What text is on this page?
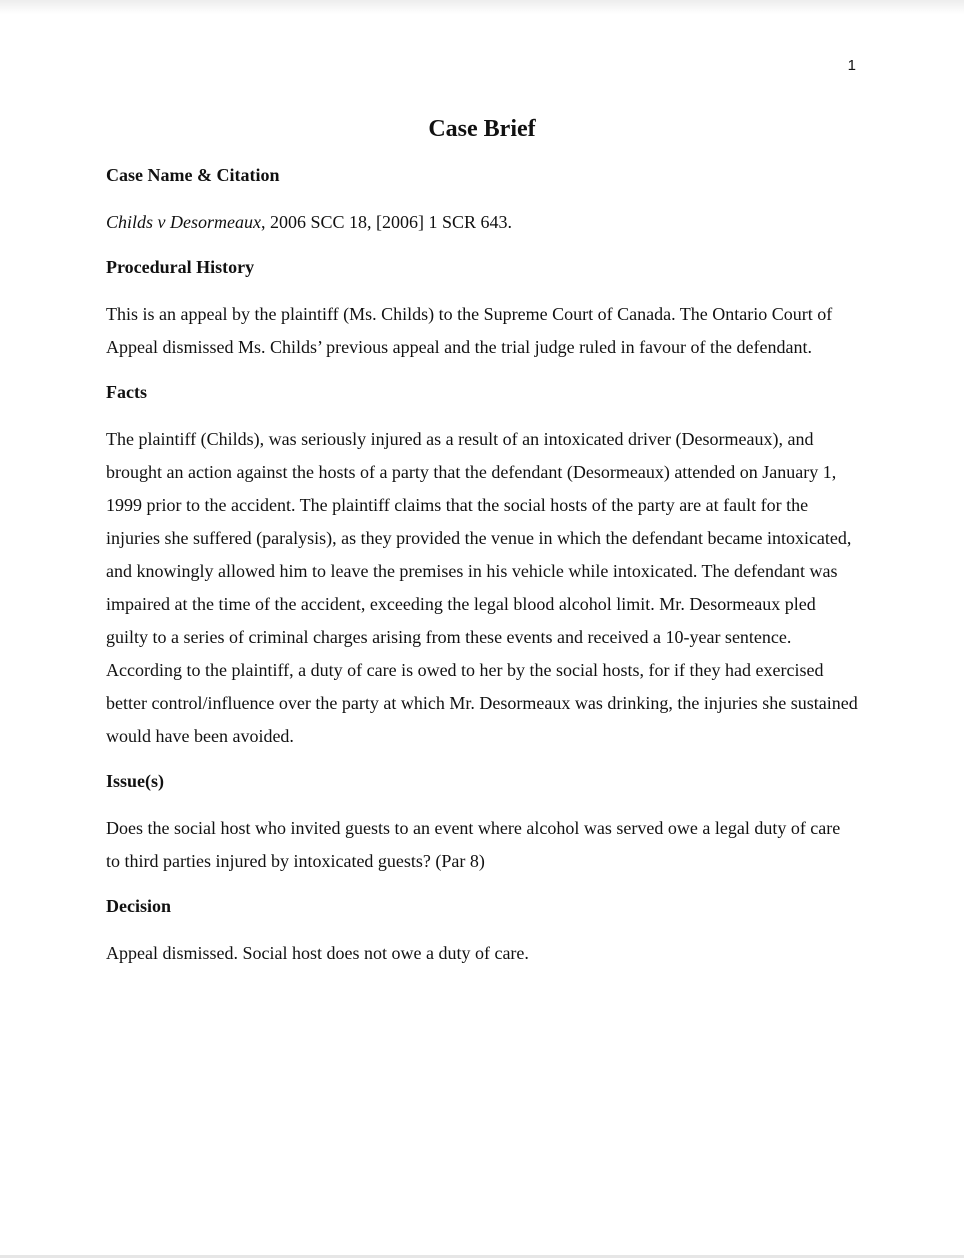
1
Case Brief
Case Name & Citation

Childs v Desormeaux, 2006 SCC 18, [2006] 1 SCR 643.

Procedural History

This is an appeal by the plaintiff (Ms. Childs) to the Supreme Court of Canada. The Ontario Court of Appeal dismissed Ms. Childs’ previous appeal and the trial judge ruled in favour of the defendant.

Facts

The plaintiff (Childs), was seriously injured as a result of an intoxicated driver (Desormeaux), and brought an action against the hosts of a party that the defendant (Desormeaux) attended on January 1, 1999 prior to the accident. The plaintiff claims that the social hosts of the party are at fault for the injuries she suffered (paralysis), as they provided the venue in which the defendant became intoxicated, and knowingly allowed him to leave the premises in his vehicle while intoxicated. The defendant was impaired at the time of the accident, exceeding the legal blood alcohol limit. Mr. Desormeaux pled guilty to a series of criminal charges arising from these events and received a 10-year sentence. According to the plaintiff, a duty of care is owed to her by the social hosts, for if they had exercised better control/influence over the party at which Mr. Desormeaux was drinking, the injuries she sustained would have been avoided.

Issue(s)

Does the social host who invited guests to an event where alcohol was served owe a legal duty of care to third parties injured by intoxicated guests? (Par 8)

Decision

Appeal dismissed. Social host does not owe a duty of care.
